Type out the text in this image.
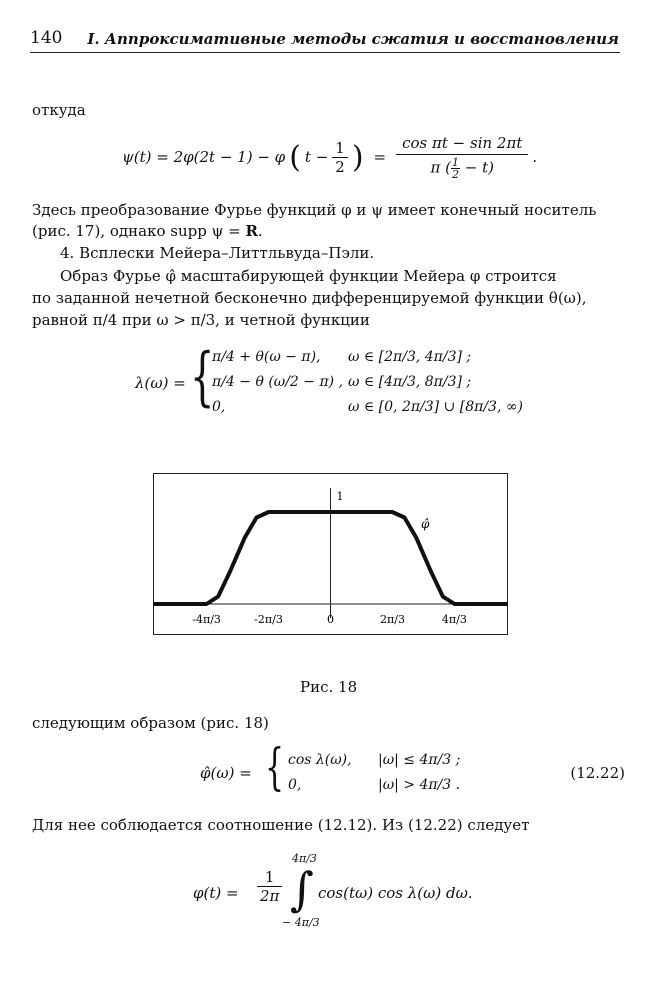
140 I. Аппроксимативные методы сжатия и восстановления
откуда
ψ(t) = 2φ(2t − 1) − φ ( $t - \frac{1}{2}$ ) = $\frac{\text{cos πt − sin 2πt}}{\pi ( \frac{1}{2} - t)}$ .
Здесь преобразование Фурье функций φ и ψ имеет конечный носитель
(рис. 17), однако supp ψ = R.
4. Всплески Мейера–Литтльвуда–Пэли.
Образ Фурье φ̂ масштабирующей функции Мейера φ строится
по заданной нечетной бесконечно дифференцируемой функции θ(ω),
равной π/4 при ω > π/3, и четной функции
λ(ω) = {
π/4 + θ(ω − π), ω ∈ [2π/3, 4π/3] ;
π/4 − θ (ω/2 − π) , ω ∈ [4π/3, 8π/3] ;
0,	ω ∈ [0, 2π/3] ∪ [8π/3, ∞)
-4π/3	-2π/3	0	2π/3	4π/3
1
φ̂
Рис. 18
следующим образом (рис. 18)
φ̂(ω) = { cos λ(ω), |ω| ≤ 4π/3 ;
0,	|ω| > 4π/3 .
(12.22)
Для нее соблюдается соотношение (12.12). Из (12.22) следует
$\varphi(t) = \frac{1}{2\pi}$
4π/3
∫
− 4π/3
cos(tω) cos λ(ω) dω.
